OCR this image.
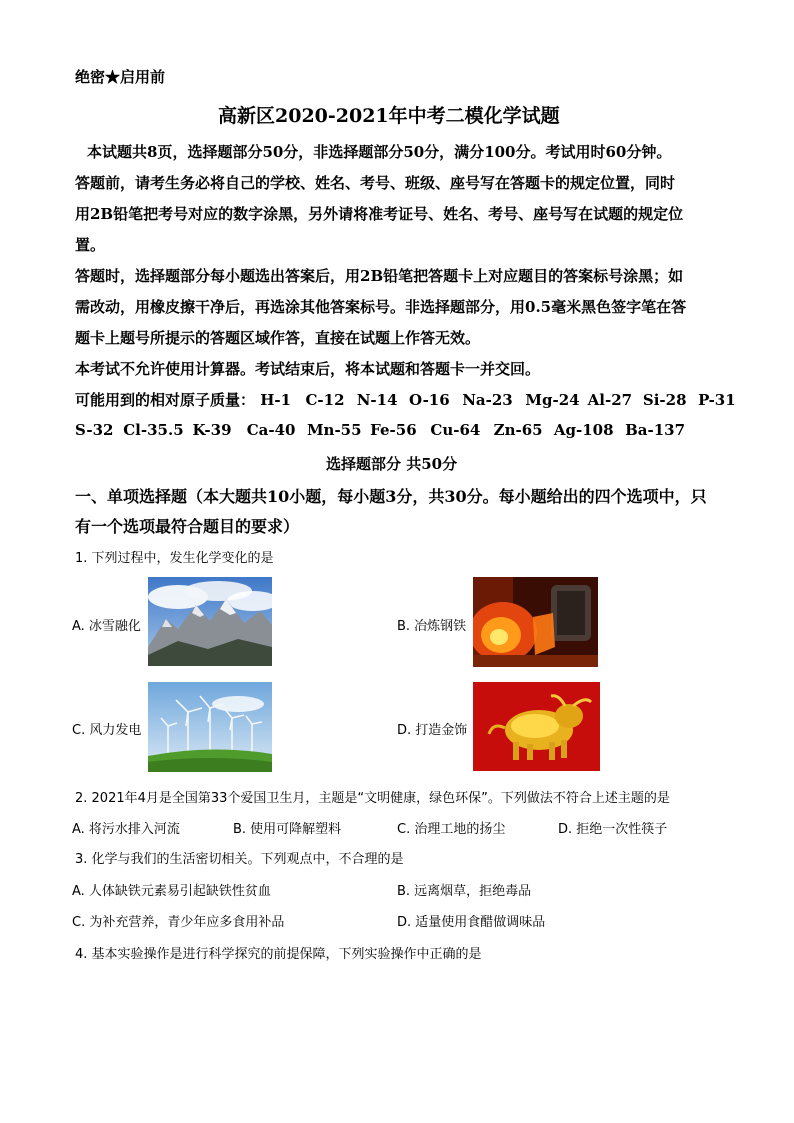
绝密★启用前
高新区2020-2021年中考二模化学试题
本试题共8页，选择题部分50分，非选择题部分50分，满分100分。考试用时60分钟。
答题前，请考生务必将自己的学校、姓名、考号、班级、座号写在答题卡的规定位置，同时
用2B铅笔把考号对应的数字涂黑，另外请将准考证号、姓名、考号、座号写在试题的规定位
置。
答题时，选择题部分每小题选出答案后，用2B铅笔把答题卡上对应题目的答案标号涂黑；如
需改动，用橡皮擦干净后，再选涂其他答案标号。非选择题部分，用0.5毫米黑色签字笔在答
题卡上题号所提示的答题区域作答，直接在试题上作答无效。
本考试不允许使用计算器。考试结束后，将本试题和答题卡一并交回。
可能用到的相对原子质量： H-1 C-12 N-14 O-16 Na-23 Mg-24 Al-27 Si-28 P-31
S-32 Cl-35.5 K-39 Ca-40 Mn-55 Fe-56 Cu-64 Zn-65 Ag-108 Ba-137
选择题部分 共50分
一、单项选择题（本大题共10小题，每小题3分，共30分。每小题给出的四个选项中，只
有一个选项最符合题目的要求）
1. 下列过程中，发生化学变化的是
A. 冰雪融化	B. 冶炼钢铁
C. 风力发电	D. 打造金饰
2. 2021年4月是全国第33个爱国卫生月，主题是“文明健康，绿色环保”。下列做法不符合上述主题的是
A. 将污水排入河流	B. 使用可降解塑料	C. 治理工地的扬尘	D. 拒绝一次性筷子
3. 化学与我们的生活密切相关。下列观点中，不合理的是
A. 人体缺铁元素易引起缺铁性贫血	B. 远离烟草，拒绝毒品
C. 为补充营养，青少年应多食用补品	D. 适量使用食醋做调味品
4. 基本实验操作是进行科学探究的前提保障，下列实验操作中正确的是
